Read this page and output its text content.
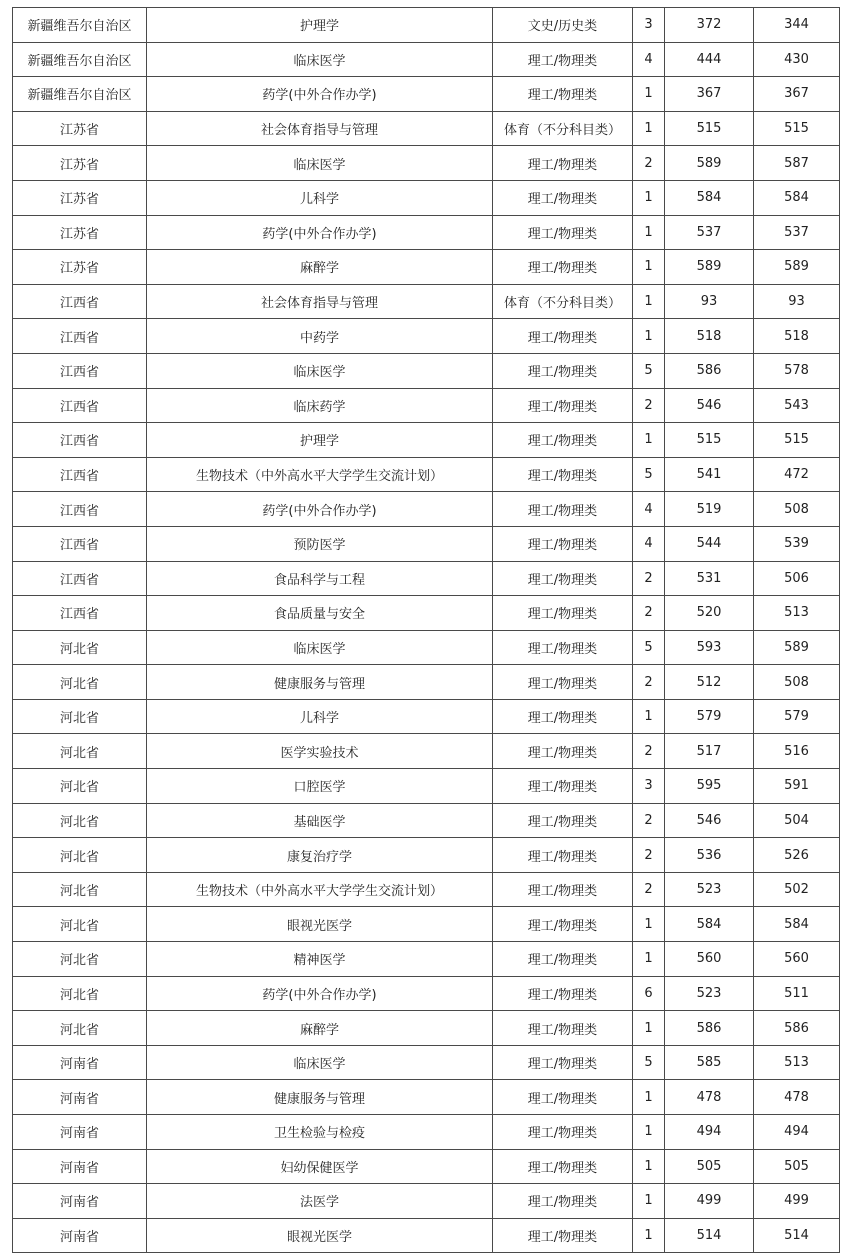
新疆维吾尔自治区	护理学	文史/历史类	3	372	344
新疆维吾尔自治区	临床医学	理工/物理类	4	444	430
新疆维吾尔自治区	药学(中外合作办学)	理工/物理类	1	367	367
江苏省	社会体育指导与管理	体育（不分科目类）	1	515	515
江苏省	临床医学	理工/物理类	2	589	587
江苏省	儿科学	理工/物理类	1	584	584
江苏省	药学(中外合作办学)	理工/物理类	1	537	537
江苏省	麻醉学	理工/物理类	1	589	589
江西省	社会体育指导与管理	体育（不分科目类）	1	93	93
江西省	中药学	理工/物理类	1	518	518
江西省	临床医学	理工/物理类	5	586	578
江西省	临床药学	理工/物理类	2	546	543
江西省	护理学	理工/物理类	1	515	515
江西省	生物技术（中外高水平大学学生交流计划）	理工/物理类	5	541	472
江西省	药学(中外合作办学)	理工/物理类	4	519	508
江西省	预防医学	理工/物理类	4	544	539
江西省	食品科学与工程	理工/物理类	2	531	506
江西省	食品质量与安全	理工/物理类	2	520	513
河北省	临床医学	理工/物理类	5	593	589
河北省	健康服务与管理	理工/物理类	2	512	508
河北省	儿科学	理工/物理类	1	579	579
河北省	医学实验技术	理工/物理类	2	517	516
河北省	口腔医学	理工/物理类	3	595	591
河北省	基础医学	理工/物理类	2	546	504
河北省	康复治疗学	理工/物理类	2	536	526
河北省	生物技术（中外高水平大学学生交流计划）	理工/物理类	2	523	502
河北省	眼视光医学	理工/物理类	1	584	584
河北省	精神医学	理工/物理类	1	560	560
河北省	药学(中外合作办学)	理工/物理类	6	523	511
河北省	麻醉学	理工/物理类	1	586	586
河南省	临床医学	理工/物理类	5	585	513
河南省	健康服务与管理	理工/物理类	1	478	478
河南省	卫生检验与检疫	理工/物理类	1	494	494
河南省	妇幼保健医学	理工/物理类	1	505	505
河南省	法医学	理工/物理类	1	499	499
河南省	眼视光医学	理工/物理类	1	514	514
